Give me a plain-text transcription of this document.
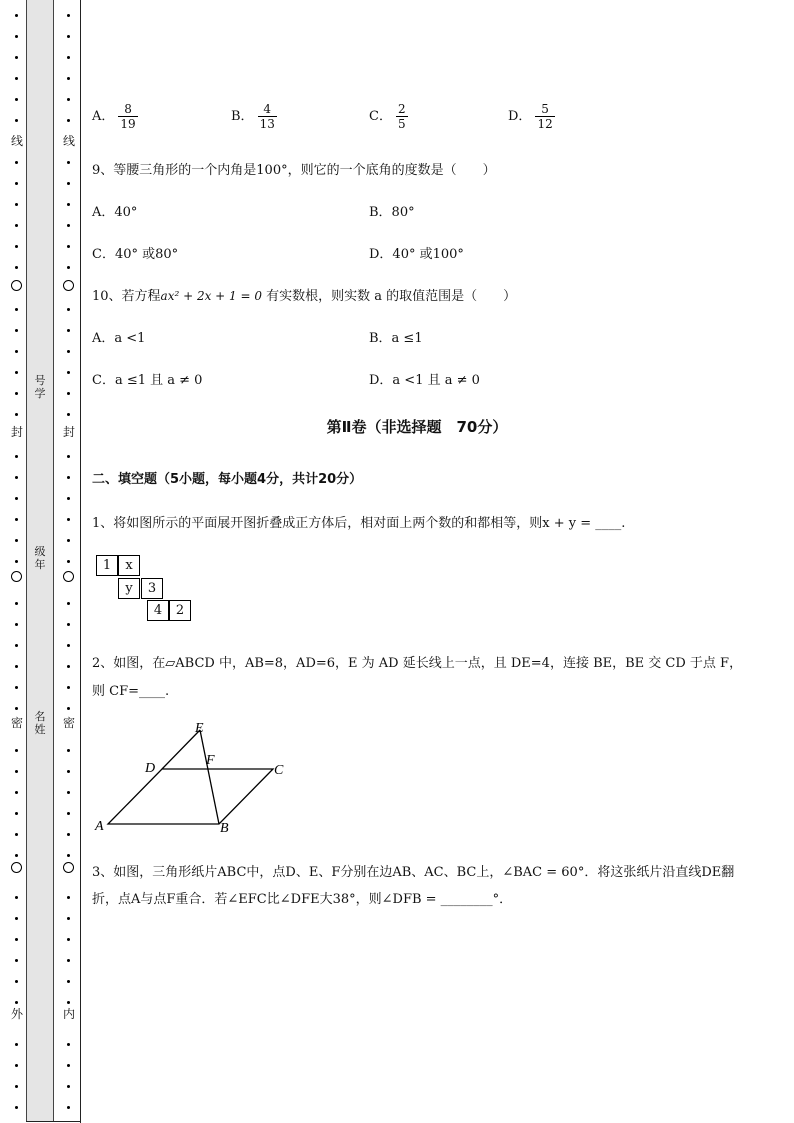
线
封
密
外
号学
级年
名姓
线
封
密
内
A． $\frac{8}{19}$	B． $\frac{4}{13}$	C． $\frac{2}{5}$	D． $\frac{5}{12}$
9、等腰三角形的一个内角是100°，则它的一个底角的度数是（　　）
A．40°	B．80°
C．40° 或80°	D．40° 或100°
10、若方程ax² + 2x + 1 = 0 有实数根，则实数 a 的取值范围是（　　）
A．a <1	B．a ≤1
C．a ≤1 且 a ≠ 0	D．a <1 且 a ≠ 0
第Ⅱ卷（非选择题　70分）
二、填空题（5小题，每小题4分，共计20分）
1、将如图所示的平面展开图折叠成正方体后，相对面上两个数的和都相等，则x + y = ____.
1	x
y	3
4	2
2、如图，在▱ABCD 中，AB=8，AD=6，E 为 AD 延长线上一点，且 DE=4，连接 BE，BE 交 CD 于点 F，
则 CF=____.
E
D
F
C
A	B
3、如图，三角形纸片ABC中，点D、E、F分别在边AB、AC、BC上，∠BAC = 60°．将这张纸片沿直线DE翻
折，点A与点F重合．若∠EFC比∠DFE大38°，则∠DFB = ________°．
